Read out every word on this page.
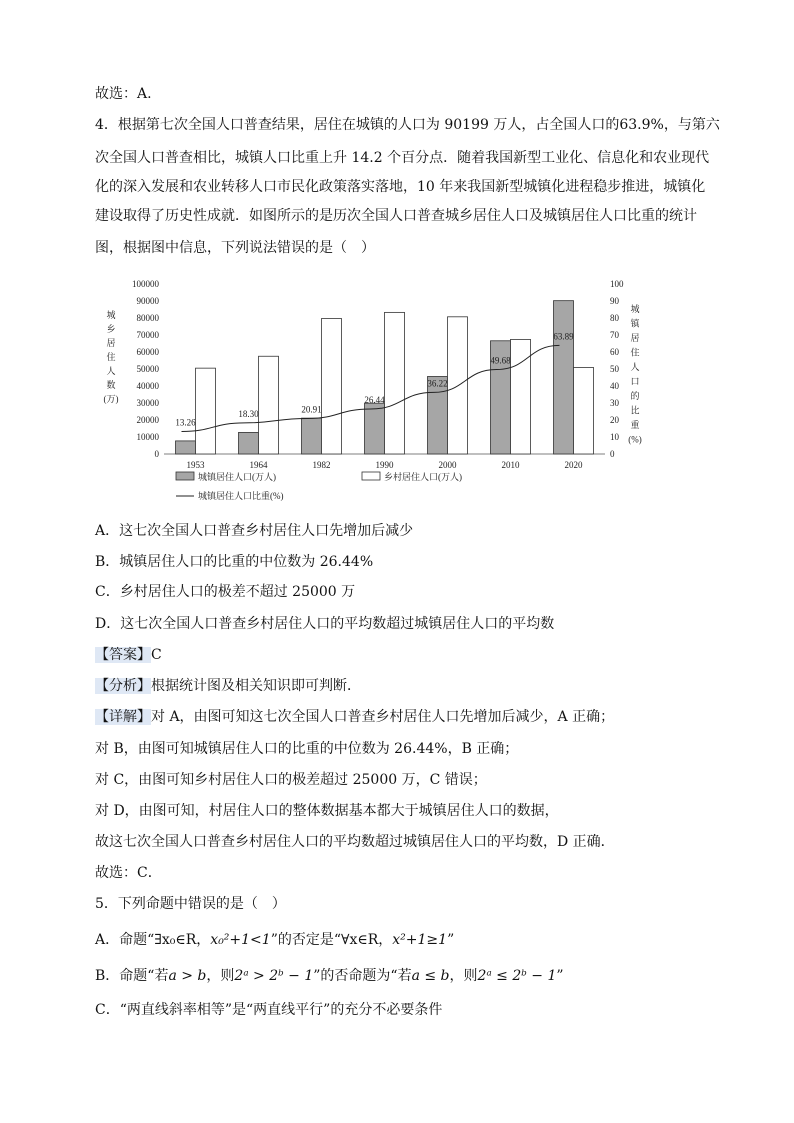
故选：A.
4．根据第七次全国人口普查结果，居住在城镇的人口为 90199 万人，占全国人口的63.9%，与第六
次全国人口普查相比，城镇人口比重上升 14.2 个百分点．随着我国新型工业化、信息化和农业现代
化的深入发展和农业转移人口市民化政策落实落地，10 年来我国新型城镇化进程稳步推进，城镇化
建设取得了历史性成就．如图所示的是历次全国人口普查城乡居住人口及城镇居住人口比重的统计
图，根据图中信息，下列说法错误的是（　）
0
10000
20000
30000
40000
50000
60000
70000
80000
90000
100000
0
10
20
30
40
50
60
70
80
90
100
城
乡
居
住
人
数
(万)
城
镇
居
住
人
口
的
比
重
(%)
1953	1964	1982	1990	2000	2010	2020
13.26
18.30	20.91
26.44
36.22
49.68
63.89
城镇居住人口(万人)	乡村居住人口(万人)
城镇居住人口比重(%)
A．这七次全国人口普查乡村居住人口先增加后减少
B．城镇居住人口的比重的中位数为 26.44%
C．乡村居住人口的极差不超过 25000 万
D．这七次全国人口普查乡村居住人口的平均数超过城镇居住人口的平均数
【答案】C
【分析】根据统计图及相关知识即可判断．
【详解】对 A，由图可知这七次全国人口普查乡村居住人口先增加后减少，A 正确；
对 B，由图可知城镇居住人口的比重的中位数为 26.44%，B 正确；
对 C，由图可知乡村居住人口的极差超过 25000 万，C 错误；
对 D，由图可知，村居住人口的整体数据基本都大于城镇居住人口的数据，
故这七次全国人口普查乡村居住人口的平均数超过城镇居住人口的平均数，D 正确．
故选：C．
5．下列命题中错误的是（　）
A．命题“∃x₀∈R，x₀²+1<1”的否定是“∀x∈R，x²+1≥1”
B．命题“若a > b，则2ᵃ > 2ᵇ − 1”的否命题为“若a ≤ b，则2ᵃ ≤ 2ᵇ − 1”
C．“两直线斜率相等”是“两直线平行”的充分不必要条件
